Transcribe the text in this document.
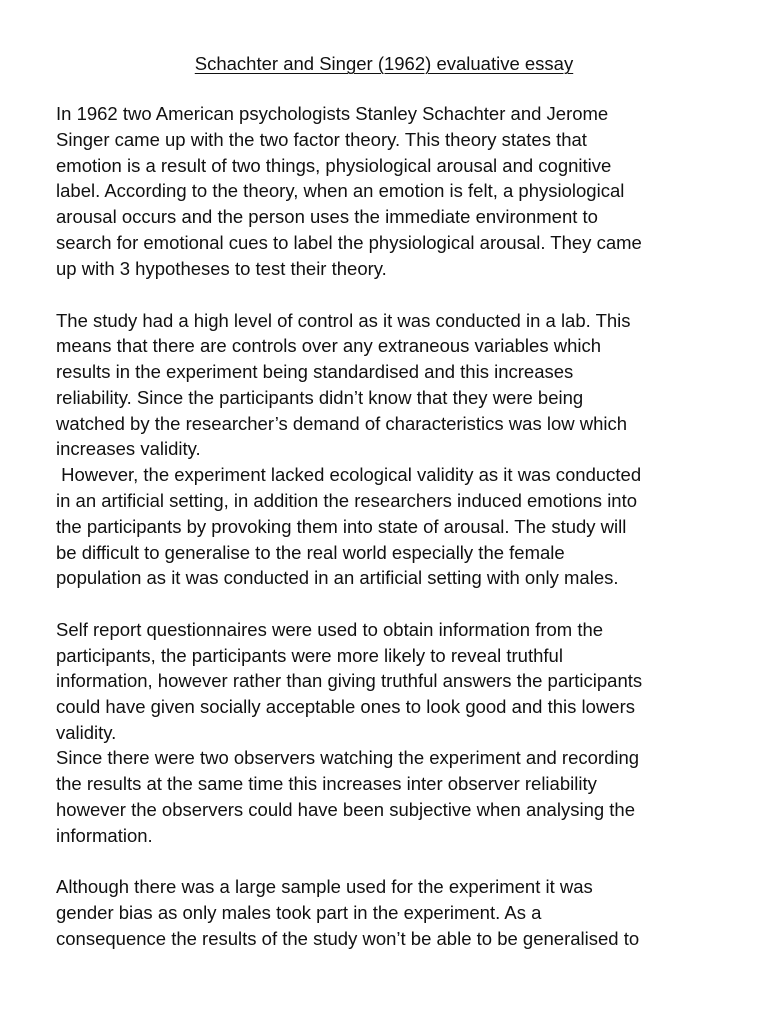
Schachter and Singer (1962) evaluative essay
In 1962 two American psychologists Stanley Schachter and Jerome
Singer came up with the two factor theory. This theory states that
emotion is a result of two things, physiological arousal and cognitive
label. According to the theory, when an emotion is felt, a physiological
arousal occurs and the person uses the immediate environment to
search for emotional cues to label the physiological arousal. They came
up with 3 hypotheses to test their theory.
The study had a high level of control as it was conducted in a lab. This
means that there are controls over any extraneous variables which
results in the experiment being standardised and this increases
reliability. Since the participants didn’t know that they were being
watched by the researcher’s demand of characteristics was low which
increases validity.
However, the experiment lacked ecological validity as it was conducted
in an artificial setting, in addition the researchers induced emotions into
the participants by provoking them into state of arousal. The study will
be difficult to generalise to the real world especially the female
population as it was conducted in an artificial setting with only males.
Self report questionnaires were used to obtain information from the
participants, the participants were more likely to reveal truthful
information, however rather than giving truthful answers the participants
could have given socially acceptable ones to look good and this lowers
validity.
Since there were two observers watching the experiment and recording
the results at the same time this increases inter observer reliability
however the observers could have been subjective when analysing the
information.
Although there was a large sample used for the experiment it was
gender bias as only males took part in the experiment. As a
consequence the results of the study won’t be able to be generalised to
